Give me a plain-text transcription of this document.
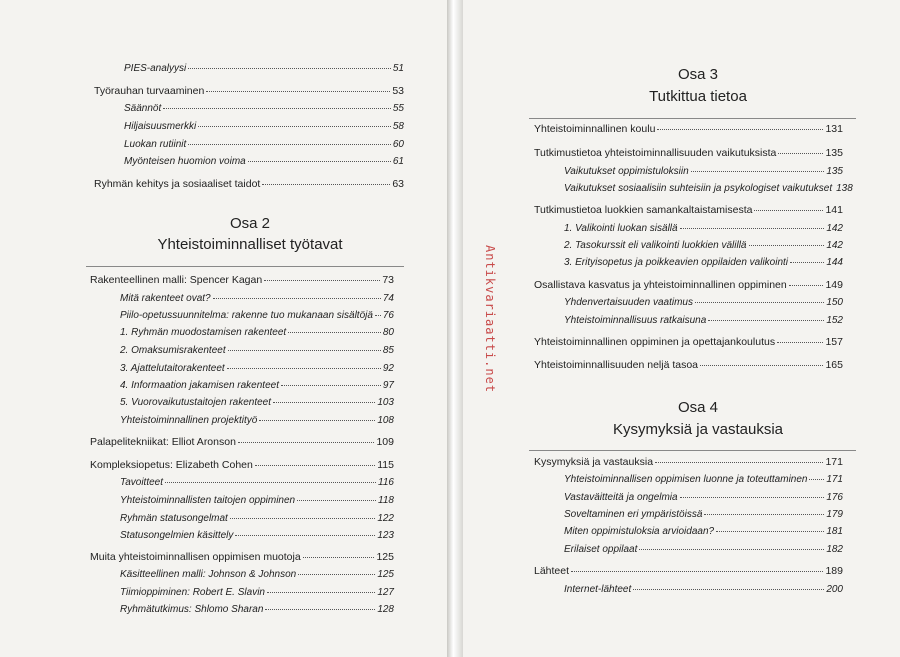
PIES-analyysi	51
Työrauhan turvaaminen	53
Säännöt	55
Hiljaisuusmerkki	58
Luokan rutiinit	60
Myönteisen huomion voima	61
Ryhmän kehitys ja sosiaaliset taidot	63
Osa 2
Yhteistoiminnalliset työtavat
Rakenteellinen malli: Spencer Kagan	73
Mitä rakenteet ovat?	74
Piilo-opetussuunnitelma: rakenne tuo mukanaan sisältöjä 76
1. Ryhmän muodostamisen rakenteet	80
2. Omaksumisrakenteet	85
3. Ajattelutaitorakenteet	92
4. Informaation jakamisen rakenteet	97
5. Vuorovaikutustaitojen rakenteet	103
Yhteistoiminnallinen projektityö	108
Palapelitekniikat: Elliot Aronson	109
Kompleksiopetus: Elizabeth Cohen	115
Tavoitteet	116
Yhteistoiminnallisten taitojen oppiminen	118
Ryhmän statusongelmat	122
Statusongelmien käsittely	123
Muita yhteistoiminnallisen oppimisen muotoja	125
Käsitteellinen malli: Johnson & Johnson	125
Tiimioppiminen: Robert E. Slavin	127
Ryhmätutkimus: Shlomo Sharan	128
Osa 3
Tutkittua tietoa
Yhteistoiminnallinen koulu	131
Tutkimustietoa yhteistoiminnallisuuden vaikutuksista	135
Vaikutukset oppimistuloksiin	135
Vaikutukset sosiaalisiin suhteisiin ja psykologiset vaikutukset 138
Tutkimustietoa luokkien samankaltaistamisesta	141
1. Valikointi luokan sisällä	142
2. Tasokurssit eli valikointi luokkien välillä	142
3. Erityisopetus ja poikkeavien oppilaiden valikointi	144
Osallistava kasvatus ja yhteistoiminnallinen oppiminen	149
Yhdenvertaisuuden vaatimus	150
Yhteistoiminnallisuus ratkaisuna	152
Yhteistoiminnallinen oppiminen ja opettajankoulutus	157
Yhteistoiminnallisuuden neljä tasoa	165
Osa 4
Kysymyksiä ja vastauksia
Kysymyksiä ja vastauksia	171
Yhteistoiminnallisen oppimisen luonne ja toteuttaminen 171
Vastaväitteitä ja ongelmia	176
Soveltaminen eri ympäristöissä	179
Miten oppimistuloksia arvioidaan?	181
Erilaiset oppilaat	182
Lähteet	189
Internet-lähteet	200
Antikvariaatti.net
